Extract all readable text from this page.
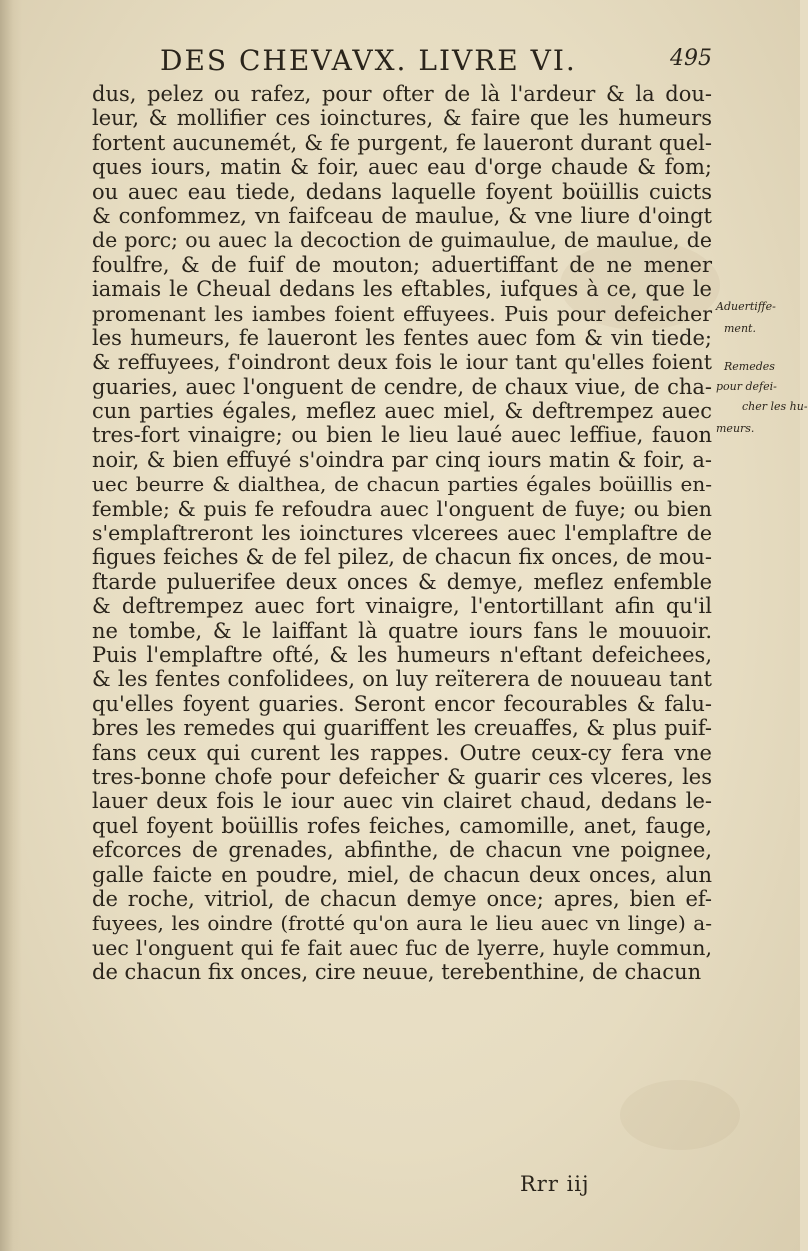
DES CHEVAVX. LIVRE VI.	495
dus, pelez ou rafez, pour ofter de là l'ardeur & la dou-
leur, & mollifier ces ioinctures, & faire que les humeurs
fortent aucunemét, & fe purgent, fe laueront durant quel-
ques iours, matin & foir, auec eau d'orge chaude & fom;
ou auec eau tiede, dedans laquelle foyent boüillis cuicts
& confommez, vn faifceau de maulue, & vne liure d'oingt
de porc; ou auec la decoction de guimaulue, de maulue, de
foulfre, & de fuif de mouton; aduertiffant de ne mener
iamais le Cheual dedans les eftables, iufques à ce, que le
promenant les iambes foient effuyees. Puis pour defeicher
les humeurs, fe laueront les fentes auec fom & vin tiede;
& reffuyees, f'oindront deux fois le iour tant qu'elles foient
guaries, auec l'onguent de cendre, de chaux viue, de cha-
cun parties égales, meflez auec miel, & deftrempez auec
tres-fort vinaigre; ou bien le lieu laué auec leffiue, fauon
noir, & bien effuyé s'oindra par cinq iours matin & foir, a-
uec beurre & dialthea, de chacun parties égales boüillis en-
femble; & puis fe refoudra auec l'onguent de fuye; ou bien
s'emplaftreront les ioinctures vlcerees auec l'emplaftre de
figues feiches & de fel pilez, de chacun fix onces, de mou-
ftarde puluerifee deux onces & demye, meflez enfemble
& deftrempez auec fort vinaigre, l'entortillant afin qu'il
ne tombe, & le laiffant là quatre iours fans le mouuoir.
Puis l'emplaftre ofté, & les humeurs n'eftant defeichees,
& les fentes confolidees, on luy reïterera de nouueau tant
qu'elles foyent guaries. Seront encor fecourables & falu-
bres les remedes qui guariffent les creuaffes, & plus puif-
fans ceux qui curent les rappes. Outre ceux-cy fera vne
tres-bonne chofe pour defeicher & guarir ces vlceres, les
lauer deux fois le iour auec vin clairet chaud, dedans le-
quel foyent boüillis rofes feiches, camomille, anet, fauge,
efcorces de grenades, abfinthe, de chacun vne poignee,
galle faicte en poudre, miel, de chacun deux onces, alun
de roche, vitriol, de chacun demye once; apres, bien ef-
fuyees, les oindre (frotté qu'on aura le lieu auec vn linge) a-
uec l'onguent qui fe fait auec fuc de lyerre, huyle commun,
de chacun fix onces, cire neuue, terebenthine, de chacun
Aduertiffe-
ment.
Remedes
pour defei-
cher les hu-
meurs.
Rrr iij
